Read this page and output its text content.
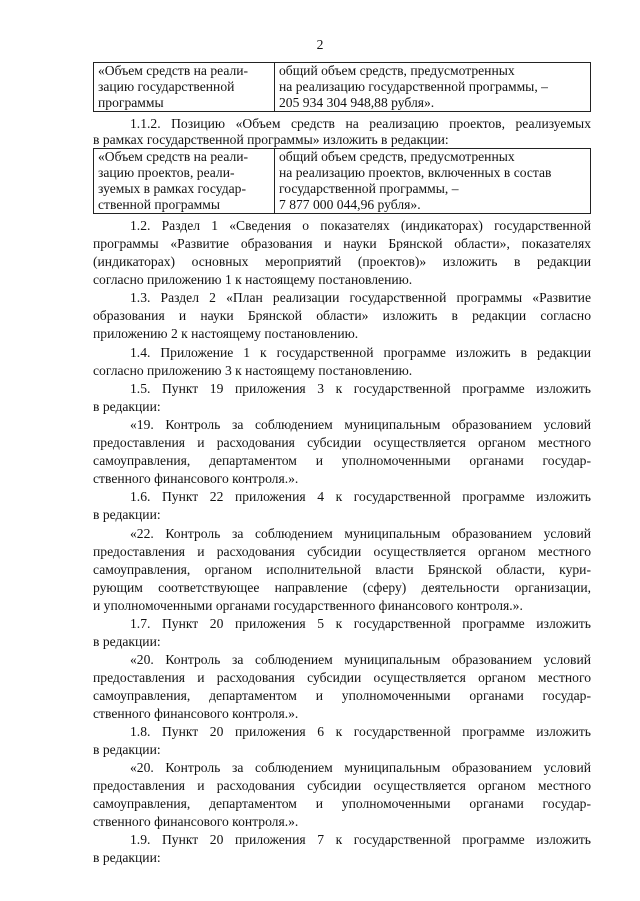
2
«Объем средств на реали-
зацию государственной
программы

общий объем средств, предусмотренных
на реализацию государственной программы, –
205 934 304 948,88 рубля».
1.1.2. Позицию «Объем средств на реализацию проектов, реализуемых
в рамках государственной программы» изложить в редакции:
«Объем средств на реали-
зацию проектов, реали-
зуемых в рамках государ-
ственной программы

общий объем средств, предусмотренных
на реализацию проектов, включенных в состав
государственной программы, –
7 877 000 044,96 рубля».
1.2. Раздел 1 «Сведения о показателях (индикаторах) государственной
программы «Развитие образования и науки Брянской области», показателях
(индикаторах) основных мероприятий (проектов)» изложить в редакции
согласно приложению 1 к настоящему постановлению.
1.3. Раздел 2 «План реализации государственной программы «Развитие
образования и науки Брянской области» изложить в редакции согласно
приложению 2 к настоящему постановлению.
1.4. Приложение 1 к государственной программе изложить в редакции
согласно приложению 3 к настоящему постановлению.
1.5. Пункт 19 приложения 3 к государственной программе изложить
в редакции:
«19. Контроль за соблюдением муниципальным образованием условий
предоставления и расходования субсидии осуществляется органом местного
самоуправления, департаментом и уполномоченными органами государ-
ственного финансового контроля.».
1.6. Пункт 22 приложения 4 к государственной программе изложить
в редакции:
«22. Контроль за соблюдением муниципальным образованием условий
предоставления и расходования субсидии осуществляется органом местного
самоуправления, органом исполнительной власти Брянской области, кури-
рующим соответствующее направление (сферу) деятельности организации,
и уполномоченными органами государственного финансового контроля.».
1.7. Пункт 20 приложения 5 к государственной программе изложить
в редакции:
«20. Контроль за соблюдением муниципальным образованием условий
предоставления и расходования субсидии осуществляется органом местного
самоуправления, департаментом и уполномоченными органами государ-
ственного финансового контроля.».
1.8. Пункт 20 приложения 6 к государственной программе изложить
в редакции:
«20. Контроль за соблюдением муниципальным образованием условий
предоставления и расходования субсидии осуществляется органом местного
самоуправления, департаментом и уполномоченными органами государ-
ственного финансового контроля.».
1.9. Пункт 20 приложения 7 к государственной программе изложить
в редакции:
